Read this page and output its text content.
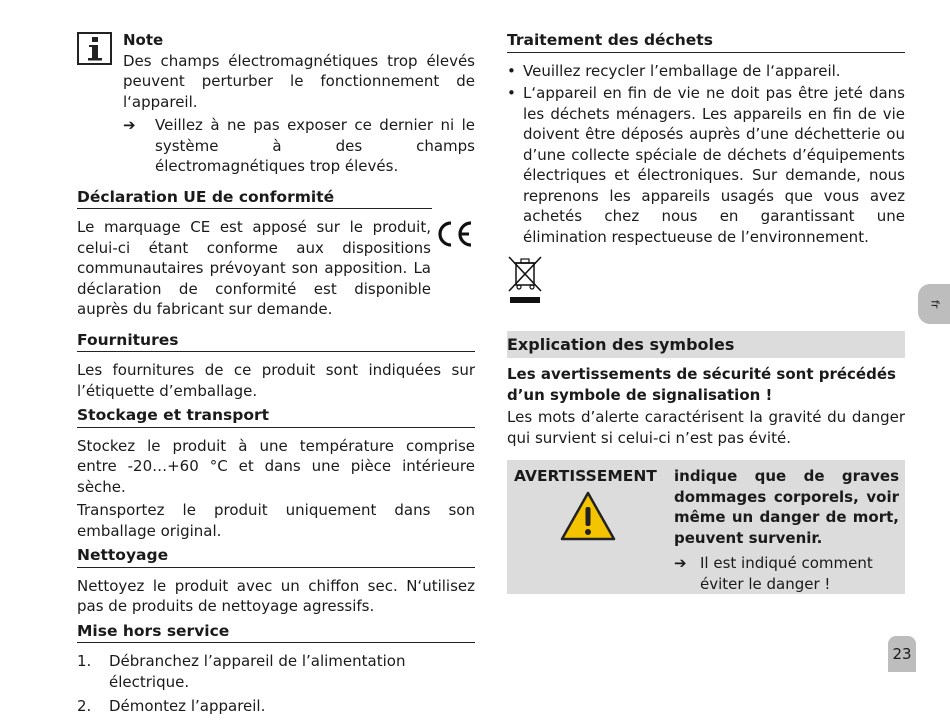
Note

Des champs électromagnétiques trop élevés peuvent perturber le fonctionnement de l‘appareil.

➔ Veillez à ne pas exposer ce dernier ni le système à des champs électromagnétiques trop élevés.

Déclaration UE de conformité

Le marquage CE est apposé sur le produit, celui-ci étant conforme aux dispositions communautaires prévoyant son apposition. La déclaration de conformité est disponible auprès du fabricant sur demande.

Fournitures

Les fournitures de ce produit sont indiquées sur l’étiquette d’emballage.

Stockage et transport

Stockez le produit à une température comprise entre -20…+60 °C et dans une pièce intérieure sèche.

Transportez le produit uniquement dans son emballage original.

Nettoyage

Nettoyez le produit avec un chiffon sec. N‘utilisez pas de produits de nettoyage agressifs.

Mise hors service
1. Débranchez l’appareil de l’alimentation électrique.
2. Démontez l’appareil.
Traitement des déchets
• Veuillez recycler l’emballage de l‘appareil.
• L‘appareil en fin de vie ne doit pas être jeté dans les déchets ménagers. Les appareils en fin de vie doivent être déposés auprès d’une déchetterie ou d’une collecte spéciale de déchets d’équipements électriques et électroniques. Sur demande, nous reprenons les appareils usagés que vous avez achetés chez nous en garantissant une élimination respectueuse de l’environnement.
Explication des symboles

Les avertissements de sécurité sont précédés d’un symbole de signalisation !

Les mots d’alerte caractérisent la gravité du danger qui survient si celui-ci n’est pas évité.

AVERTISSEMENT	indique que de graves dommages corporels, voir même un danger de mort, peuvent survenir.

➔ Il est indiqué comment éviter le danger !
fr
23
